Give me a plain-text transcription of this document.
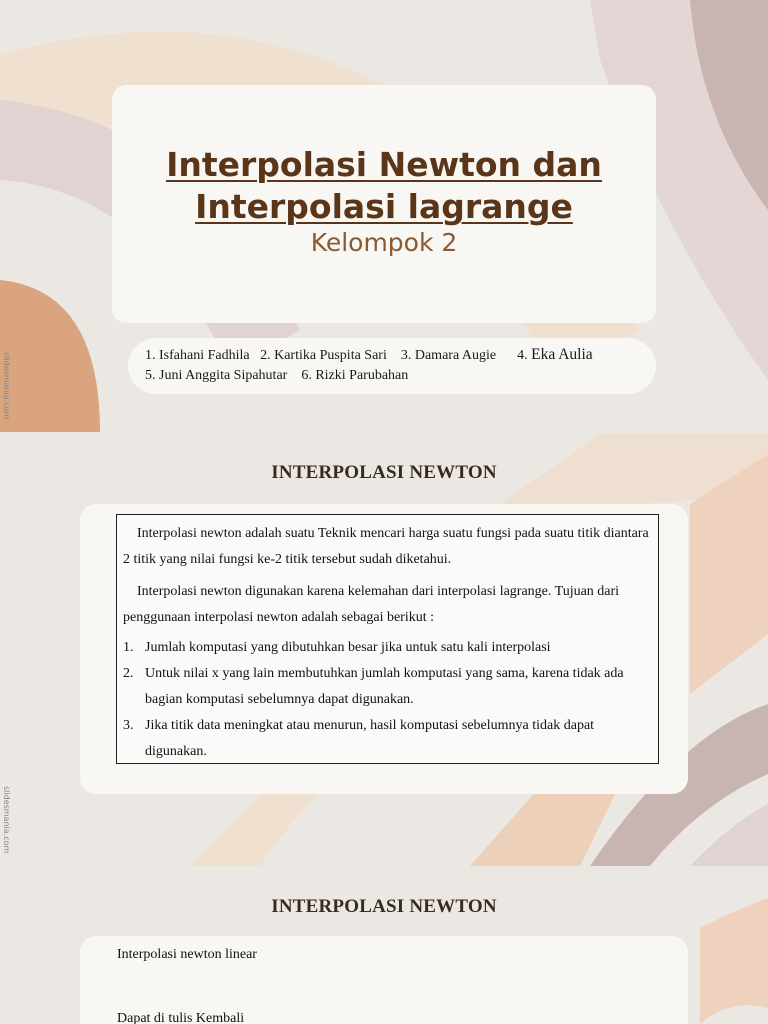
Interpolasi Newton dan
Interpolasi lagrange
Kelompok 2
1. Isfahani Fadhila 2. Kartika Puspita Sari 3. Damara Augie 4. Eka Aulia
5. Juni Anggita Sipahutar 6. Rizki Parubahan
slidesmania.com
INTERPOLASI NEWTON

Interpolasi newton adalah suatu Teknik mencari harga suatu fungsi pada suatu titik diantara 2 titik yang nilai fungsi ke-2 titik tersebut sudah diketahui.

Interpolasi newton digunakan karena kelemahan dari interpolasi lagrange. Tujuan dari penggunaan interpolasi newton adalah sebagai berikut :

1. Jumlah komputasi yang dibutuhkan besar jika untuk satu kali interpolasi
2. Untuk nilai x yang lain membutuhkan jumlah komputasi yang sama, karena tidak ada bagian komputasi sebelumnya dapat digunakan.
3. Jika titik data meningkat atau menurun, hasil komputasi sebelumnya tidak dapat digunakan.
slidesmania.com
INTERPOLASI NEWTON
Interpolasi newton linear
Dapat di tulis Kembali
